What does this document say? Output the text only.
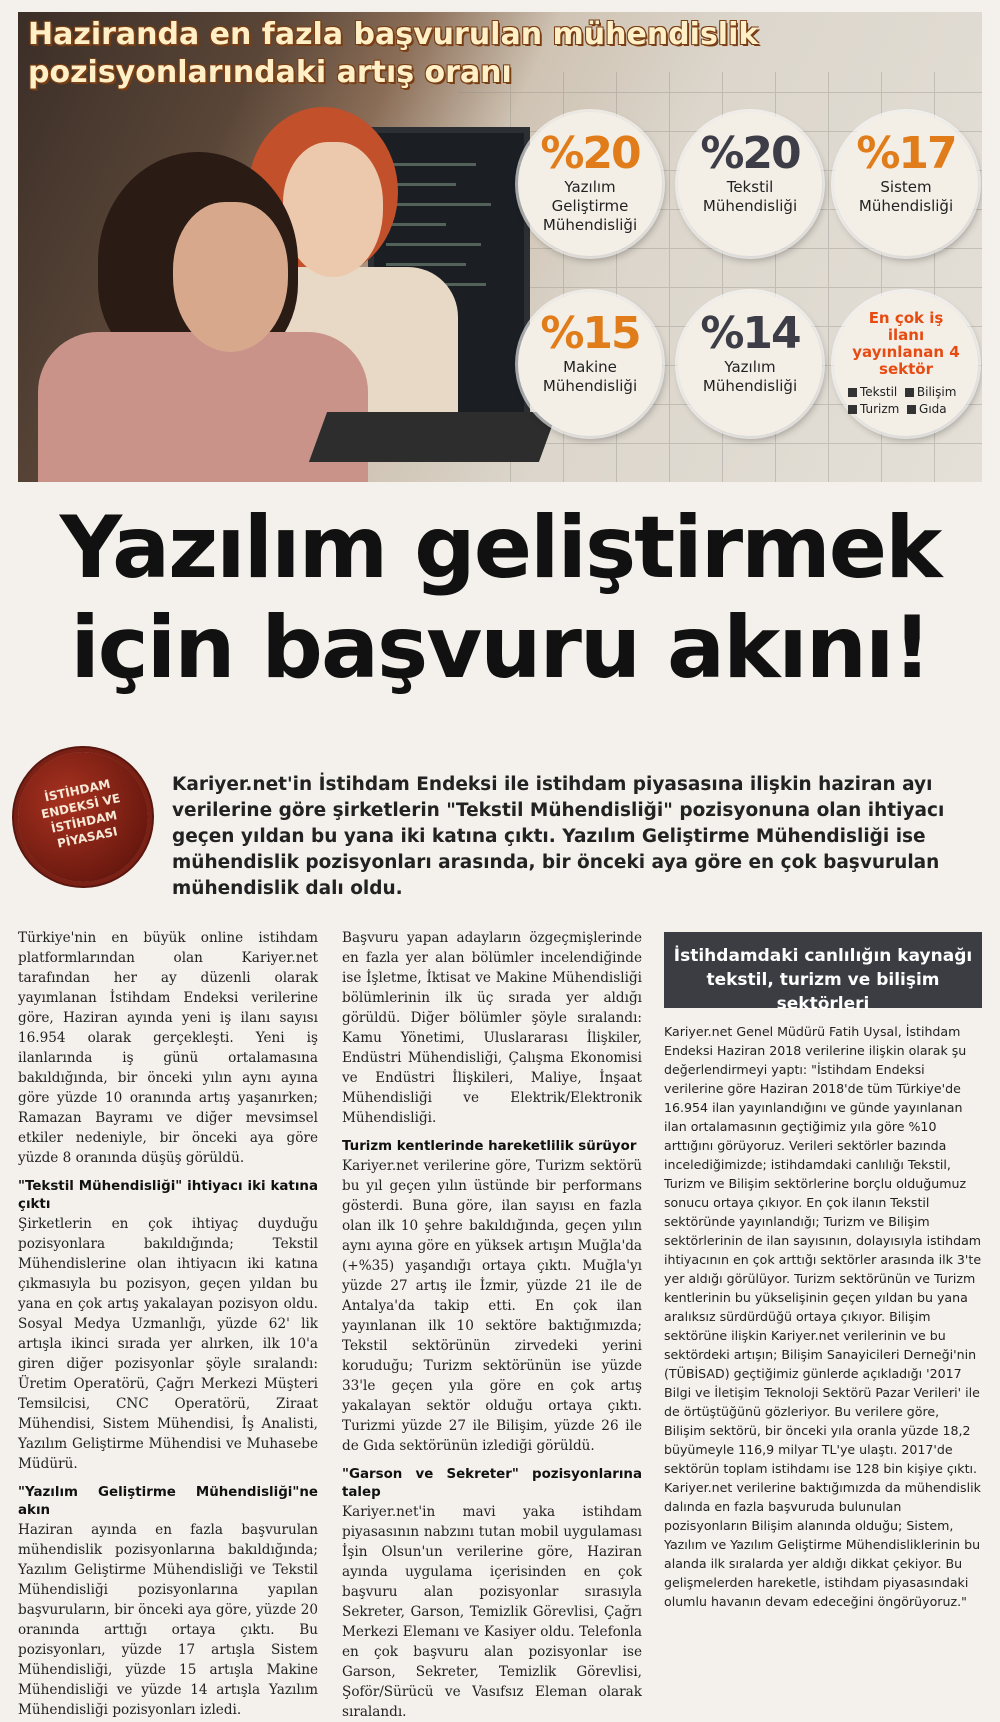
Haziranda en fazla başvurulan mühendislik pozisyonlarındaki artış oranı
%20
Yazılım Geliştirme Mühendisliği
%20
Tekstil Mühendisliği
%17
Sistem Mühendisliği
%15
Makine Mühendisliği
%14
Yazılım Mühendisliği
En çok iş ilanı yayınlanan 4 sektör
Tekstil Bilişim
Turizm Gıda
Yazılım geliştirmek için başvuru akını!
İSTİHDAM ENDEKSİ VE İSTİHDAM PİYASASI

Kariyer.net'in İstihdam Endeksi ile istihdam piyasasına ilişkin haziran ayı verilerine göre şirketlerin "Tekstil Mühendisliği" pozisyonuna olan ihtiyacı geçen yıldan bu yana iki katına çıktı. Yazılım Geliştirme Mühendisliği ise mühendislik pozisyonları arasında, bir önceki aya göre en çok başvurulan mühendislik dalı oldu.

Türkiye'nin en büyük online istihdam platformlarından olan Kariyer.net tarafından her ay düzenli olarak yayımlanan İstihdam Endeksi verilerine göre, Haziran ayında yeni iş ilanı sayısı 16.954 olarak gerçekleşti. Yeni iş ilanlarında iş günü ortalamasına bakıldığında, bir önceki yılın aynı ayına göre yüzde 10 oranında artış yaşanırken; Ramazan Bayramı ve diğer mevsimsel etkiler nedeniyle, bir önceki aya göre yüzde 8 oranında düşüş görüldü.

"Tekstil Mühendisliği" ihtiyacı iki katına çıktı

Şirketlerin en çok ihtiyaç duyduğu pozisyonlara bakıldığında; Tekstil Mühendislerine olan ihtiyacın iki katına çıkmasıyla bu pozisyon, geçen yıldan bu yana en çok artış yakalayan pozisyon oldu. Sosyal Medya Uzmanlığı, yüzde 62' lik artışla ikinci sırada yer alırken, ilk 10'a giren diğer pozisyonlar şöyle sıralandı: Üretim Operatörü, Çağrı Merkezi Müşteri Temsilcisi, CNC Operatörü, Ziraat Mühendisi, Sistem Mühendisi, İş Analisti, Yazılım Geliştirme Mühendisi ve Muhasebe Müdürü.

"Yazılım Geliştirme Mühendisliği"ne akın

Haziran ayında en fazla başvurulan mühendislik pozisyonlarına bakıldığında; Yazılım Geliştirme Mühendisliği ve Tekstil Mühendisliği pozisyonlarına yapılan başvuruların, bir önceki aya göre, yüzde 20 oranında arttığı ortaya çıktı. Bu pozisyonları, yüzde 17 artışla Sistem Mühendisliği, yüzde 15 artışla Makine Mühendisliği ve yüzde 14 artışla Yazılım Mühendisliği pozisyonları izledi.

Başvuru yapan adayların özgeçmişlerinde en fazla yer alan bölümler incelendiğinde ise İşletme, İktisat ve Makine Mühendisliği bölümlerinin ilk üç sırada yer aldığı görüldü. Diğer bölümler şöyle sıralandı: Kamu Yönetimi, Uluslararası İlişkiler, Endüstri Mühendisliği, Çalışma Ekonomisi ve Endüstri İlişkileri, Maliye, İnşaat Mühendisliği ve Elektrik/Elektronik Mühendisliği.

Turizm kentlerinde hareketlilik sürüyor

Kariyer.net verilerine göre, Turizm sektörü bu yıl geçen yılın üstünde bir performans gösterdi. Buna göre, ilan sayısı en fazla olan ilk 10 şehre bakıldığında, geçen yılın aynı ayına göre en yüksek artışın Muğla'da (+%35) yaşandığı ortaya çıktı. Muğla'yı yüzde 27 artış ile İzmir, yüzde 21 ile de Antalya'da takip etti. En çok ilan yayınlanan ilk 10 sektöre baktığımızda; Tekstil sektörünün zirvedeki yerini koruduğu; Turizm sektörünün ise yüzde 33'le geçen yıla göre en çok artış yakalayan sektör olduğu ortaya çıktı. Turizmi yüzde 27 ile Bilişim, yüzde 26 ile de Gıda sektörünün izlediği görüldü.

"Garson ve Sekreter" pozisyonlarına talep

Kariyer.net'in mavi yaka istihdam piyasasının nabzını tutan mobil uygulaması İşin Olsun'un verilerine göre, Haziran ayında uygulama içerisinden en çok başvuru alan pozisyonlar sırasıyla Sekreter, Garson, Temizlik Görevlisi, Çağrı Merkezi Elemanı ve Kasiyer oldu. Telefonla en çok başvuru alan pozisyonlar ise Garson, Sekreter, Temizlik Görevlisi, Şoför/Sürücü ve Vasıfsız Eleman olarak sıralandı.

İstihdamdaki canlılığın kaynağı tekstil, turizm ve bilişim sektörleri

Kariyer.net Genel Müdürü Fatih Uysal, İstihdam Endeksi Haziran 2018 verilerine ilişkin olarak şu değerlendirmeyi yaptı: "İstihdam Endeksi verilerine göre Haziran 2018'de tüm Türkiye'de 16.954 ilan yayınlandığını ve günde yayınlanan ilan ortalamasının geçtiğimiz yıla göre %10 arttığını görüyoruz. Verileri sektörler bazında incelediğimizde; istihdamdaki canlılığı Tekstil, Turizm ve Bilişim sektörlerine borçlu olduğumuz sonucu ortaya çıkıyor. En çok ilanın Tekstil sektöründe yayınlandığı; Turizm ve Bilişim sektörlerinin de ilan sayısının, dolayısıyla istihdam ihtiyacının en çok arttığı sektörler arasında ilk 3'te yer aldığı görülüyor. Turizm sektörünün ve Turizm kentlerinin bu yükselişinin geçen yıldan bu yana aralıksız sürdürdüğü ortaya çıkıyor. Bilişim sektörüne ilişkin Kariyer.net verilerinin ve bu sektördeki artışın; Bilişim Sanayicileri Derneği'nin (TÜBİSAD) geçtiğimiz günlerde açıkladığı '2017 Bilgi ve İletişim Teknoloji Sektörü Pazar Verileri' ile de örtüştüğünü gözleriyor. Bu verilere göre, Bilişim sektörü, bir önceki yıla oranla yüzde 18,2 büyümeyle 116,9 milyar TL'ye ulaştı. 2017'de sektörün toplam istihdamı ise 128 bin kişiye çıktı. Kariyer.net verilerine baktığımızda da mühendislik dalında en fazla başvuruda bulunulan pozisyonların Bilişim alanında olduğu; Sistem, Yazılım ve Yazılım Geliştirme Mühendisliklerinin bu alanda ilk sıralarda yer aldığı dikkat çekiyor. Bu gelişmelerden hareketle, istihdam piyasasındaki olumlu havanın devam edeceğini öngörüyoruz."
